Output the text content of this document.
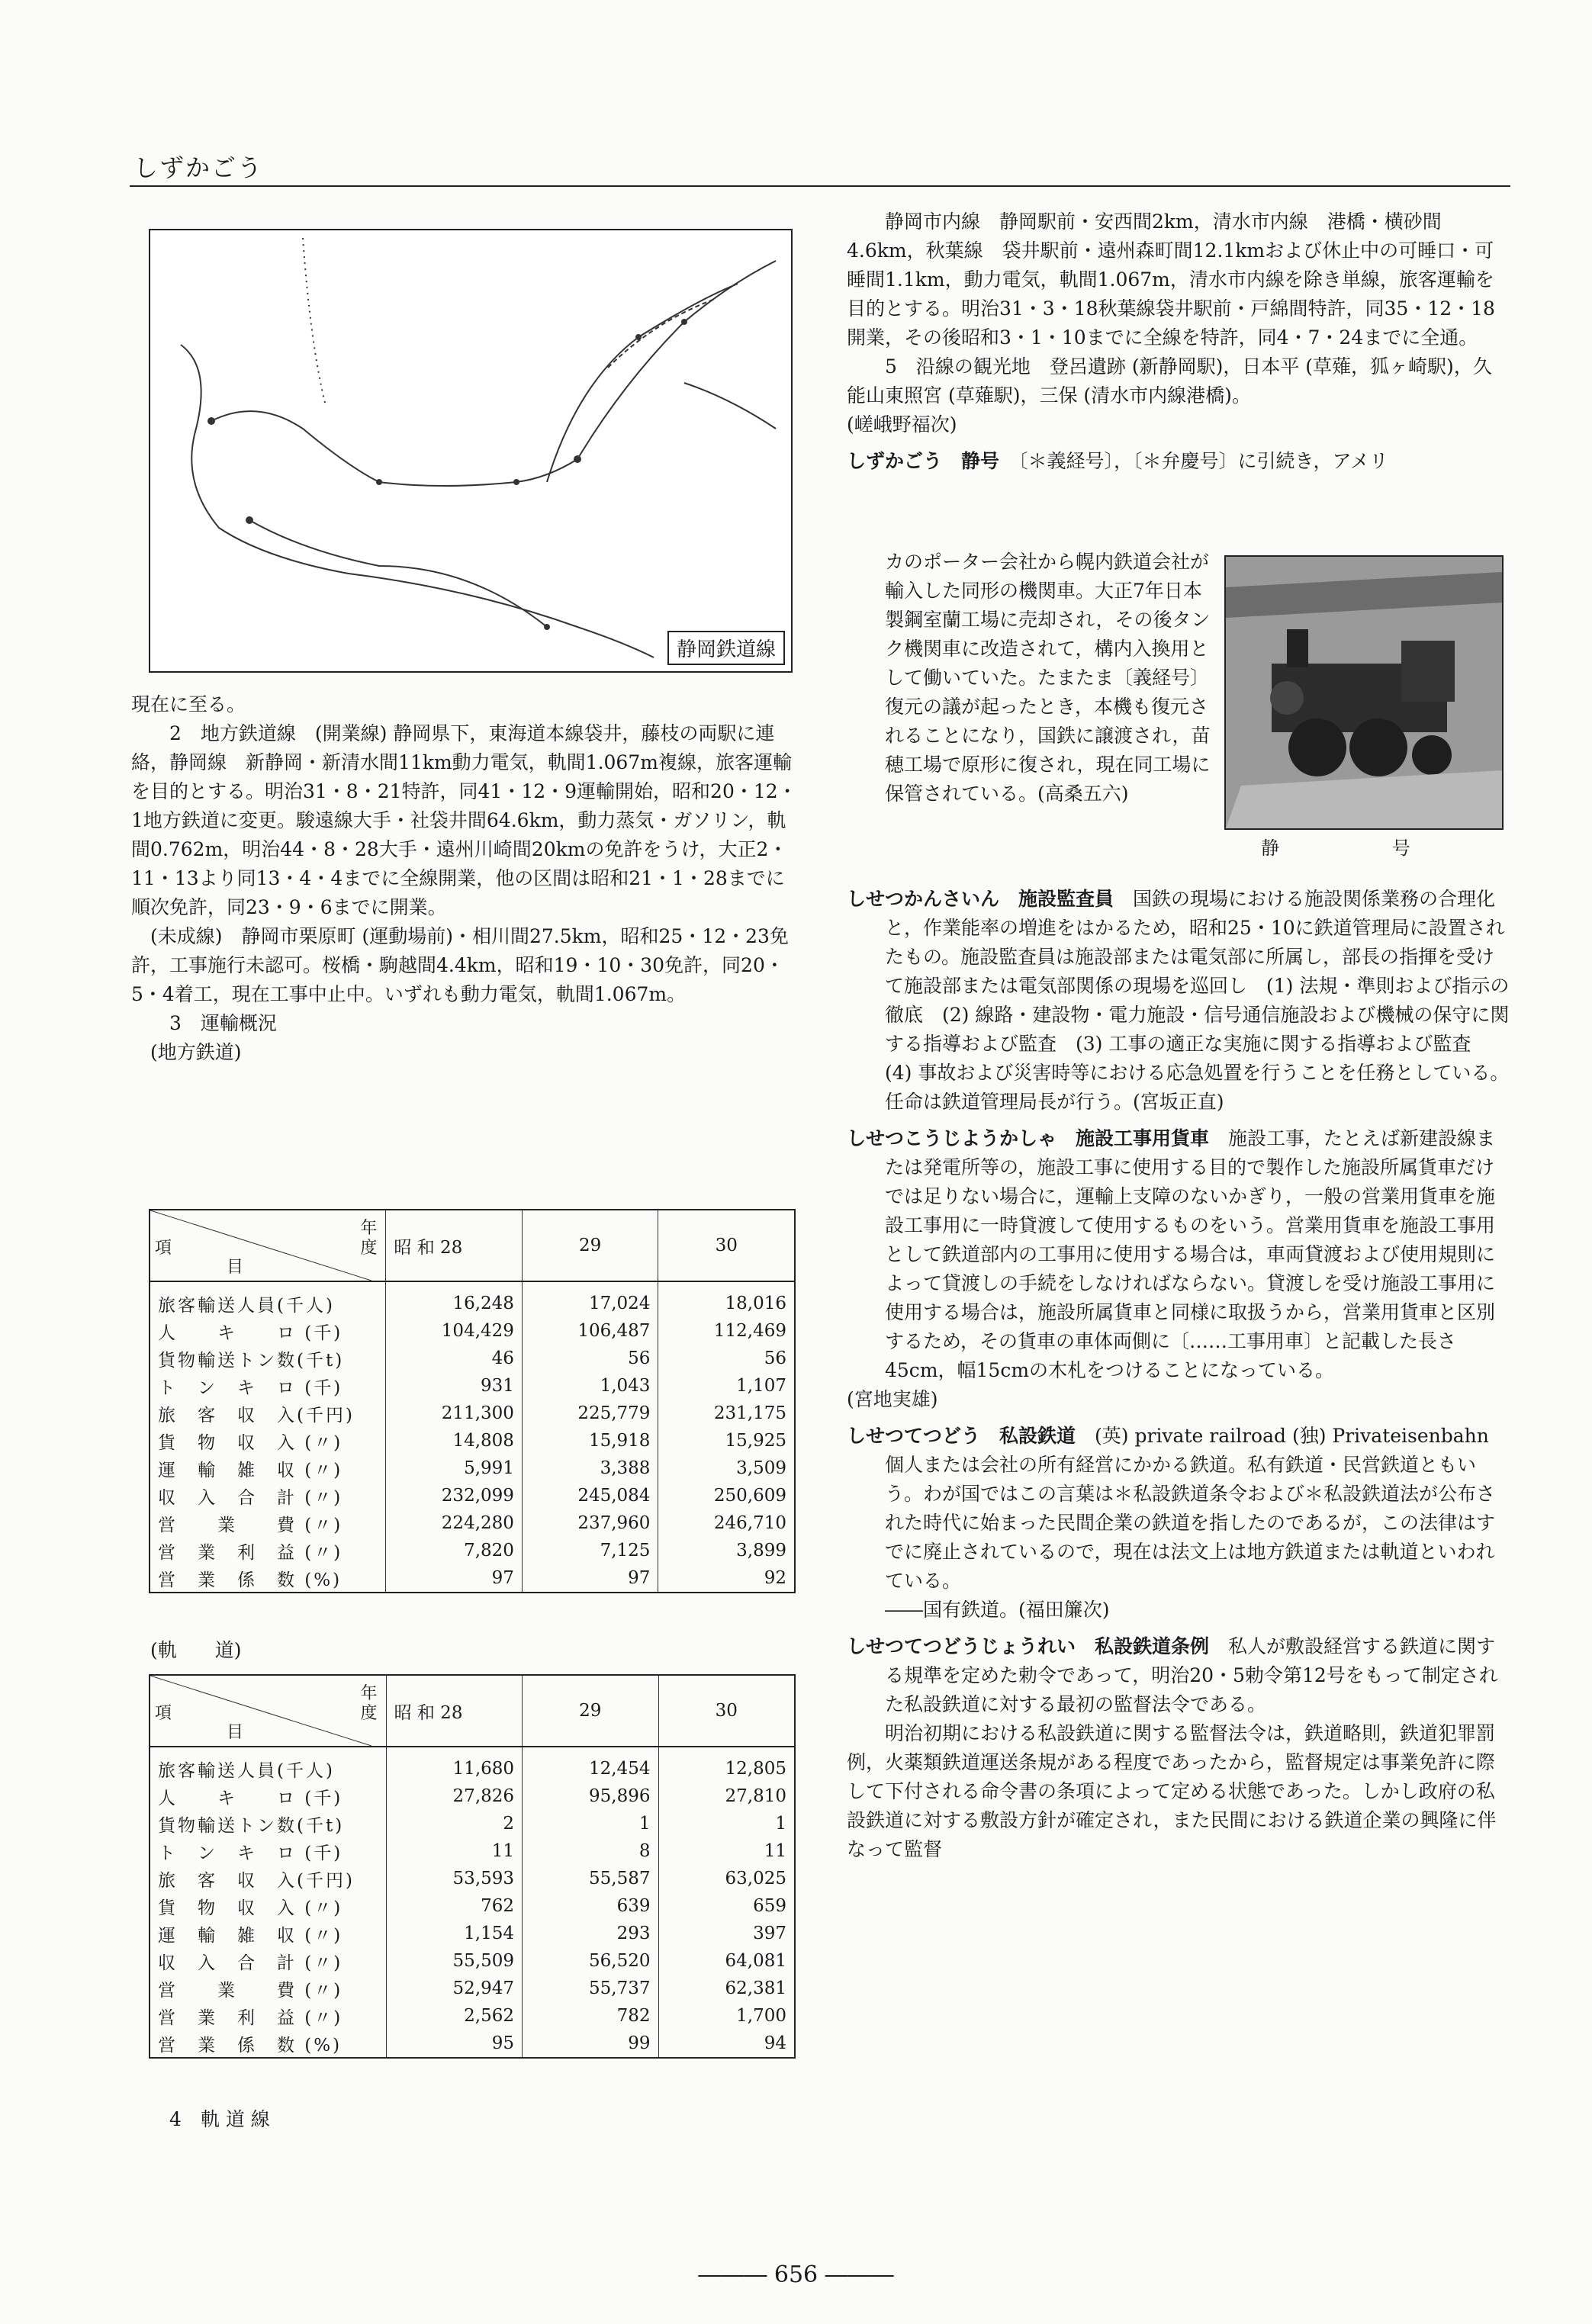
しずかごう
静岡鉄道線
静 号

現在に至る。

2　地方鉄道線　(開業線) 静岡県下，東海道本線袋井，藤枝の両駅に連絡，静岡線　新静岡・新清水間11km動力電気，軌間1.067m複線，旅客運輸を目的とする。明治31・8・21特許，同41・12・9運輸開始，昭和20・12・1地方鉄道に変更。駿遠線大手・社袋井間64.6km，動力蒸気・ガソリン，軌間0.762m，明治44・8・28大手・遠州川崎間20kmの免許をうけ，大正2・11・13より同13・4・4までに全線開業，他の区間は昭和21・1・28までに順次免許，同23・9・6までに開業。

(未成線)　静岡市栗原町 (運動場前)・相川間27.5km，昭和25・12・23免許，工事施行未認可。桜橋・駒越間4.4km，昭和19・10・30免許，同20・5・4着工，現在工事中止中。いずれも動力電気，軌間1.067m。

3　運輸概況

(地方鉄道)

年
項 度
目	昭 和 28	29	30
旅客輸送人員(千人)	16,248	17,024	18,016
人　　キ　　ロ (千)	104,429	106,487	112,469
貨物輸送トン数(千t)	46	56	56
ト　ン　キ　ロ (千)	931	1,043	1,107
旅　客　収　入(千円)	211,300	225,779	231,175
貨　物　収　入 (〃)	14,808	15,918	15,925
運　輸　雑　収 (〃)	5,991	3,388	3,509
収　入　合　計 (〃)	232,099	245,084	250,609
営　　業　　費 (〃)	224,280	237,960	246,710
営　業　利　益 (〃)	7,820	7,125	3,899
営　業　係　数 (%)	97	97	92

(軌　　道)

年
項 度
目	昭 和 28	29	30
旅客輸送人員(千人)	11,680	12,454	12,805
人　　キ　　ロ (千)	27,826	95,896	27,810
貨物輸送トン数(千t)	2	1	1
ト　ン　キ　ロ (千)	11	8	11
旅　客　収　入(千円)	53,593	55,587	63,025
貨　物　収　入 (〃)	762	639	659
運　輸　雑　収 (〃)	1,154	293	397
収　入　合　計 (〃)	55,509	56,520	64,081
営　　業　　費 (〃)	52,947	55,737	62,381
営　業　利　益 (〃)	2,562	782	1,700
営　業　係　数 (%)	95	99	94

4　軌 道 線

静岡市内線　静岡駅前・安西間2km，清水市内線　港橋・横砂間4.6km，秋葉線　袋井駅前・遠州森町間12.1kmおよび休止中の可睡口・可睡間1.1km，動力電気，軌間1.067m，清水市内線を除き単線，旅客運輸を目的とする。明治31・3・18秋葉線袋井駅前・戸綿間特許，同35・12・18開業，その後昭和3・1・10までに全線を特許，同4・7・24までに全通。

5　沿線の観光地　登呂遺跡 (新静岡駅)，日本平 (草薙，狐ヶ崎駅)，久能山東照宮 (草薙駅)，三保 (清水市内線港橋)。

(嵯峨野福次)

しずかごう　静号　 〔＊義経号〕，〔＊弁慶号〕に引続き，アメリ

カのポーター会社から幌内鉄道会社が輸入した同形の機関車。大正7年日本製鋼室蘭工場に売却され，その後タンク機関車に改造されて，構内入換用として働いていた。たまたま〔義経号〕復元の議が起ったとき，本機も復元されることになり，国鉄に譲渡され，苗穂工場で原形に復され，現在同工場に保管されている。(高桑五六)

しせつかんさいん　施設監査員　 国鉄の現場における施設関係業務の合理化と，作業能率の増進をはかるため，昭和25・10に鉄道管理局に設置されたもの。施設監査員は施設部または電気部に所属し，部長の指揮を受けて施設部または電気部関係の現場を巡回し　(1) 法規・準則および指示の徹底　(2) 線路・建設物・電力施設・信号通信施設および機械の保守に関する指導および監査　(3) 工事の適正な実施に関する指導および監査　(4) 事故および災害時等における応急処置を行うことを任務としている。任命は鉄道管理局長が行う。(宮坂正直)

しせつこうじようかしゃ　施設工事用貨車　 施設工事，たとえば新建設線または発電所等の，施設工事に使用する目的で製作した施設所属貨車だけでは足りない場合に，運輸上支障のないかぎり，一般の営業用貨車を施設工事用に一時貸渡して使用するものをいう。営業用貨車を施設工事用として鉄道部内の工事用に使用する場合は，車両貸渡および使用規則によって貸渡しの手続をしなければならない。貸渡しを受け施設工事用に使用する場合は，施設所属貨車と同様に取扱うから，営業用貨車と区別するため，その貨車の車体両側に〔……工事用車〕と記載した長さ45cm，幅15cmの木札をつけることになっている。

(宮地実雄)

しせつてつどう　私設鉄道　 (英) private railroad (独) Privateisenbahn　個人または会社の所有経営にかかる鉄道。私有鉄道・民営鉄道ともいう。わが国ではこの言葉は＊私設鉄道条令および＊私設鉄道法が公布された時代に始まった民間企業の鉄道を指したのであるが，この法律はすでに廃止されているので，現在は法文上は地方鉄道または軌道といわれている。

――国有鉄道。(福田簾次)

しせつてつどうじょうれい　私設鉄道条例　 私人が敷設経営する鉄道に関する規準を定めた勅令であって，明治20・5勅令第12号をもって制定された私設鉄道に対する最初の監督法令である。

明治初期における私設鉄道に関する監督法令は，鉄道略則，鉄道犯罪罰例，火薬類鉄道運送条規がある程度であったから，監督規定は事業免許に際して下付される命令書の条項によって定める状態であった。しかし政府の私設鉄道に対する敷設方針が確定され，また民間における鉄道企業の興隆に伴なって監督

――― 656 ―――
